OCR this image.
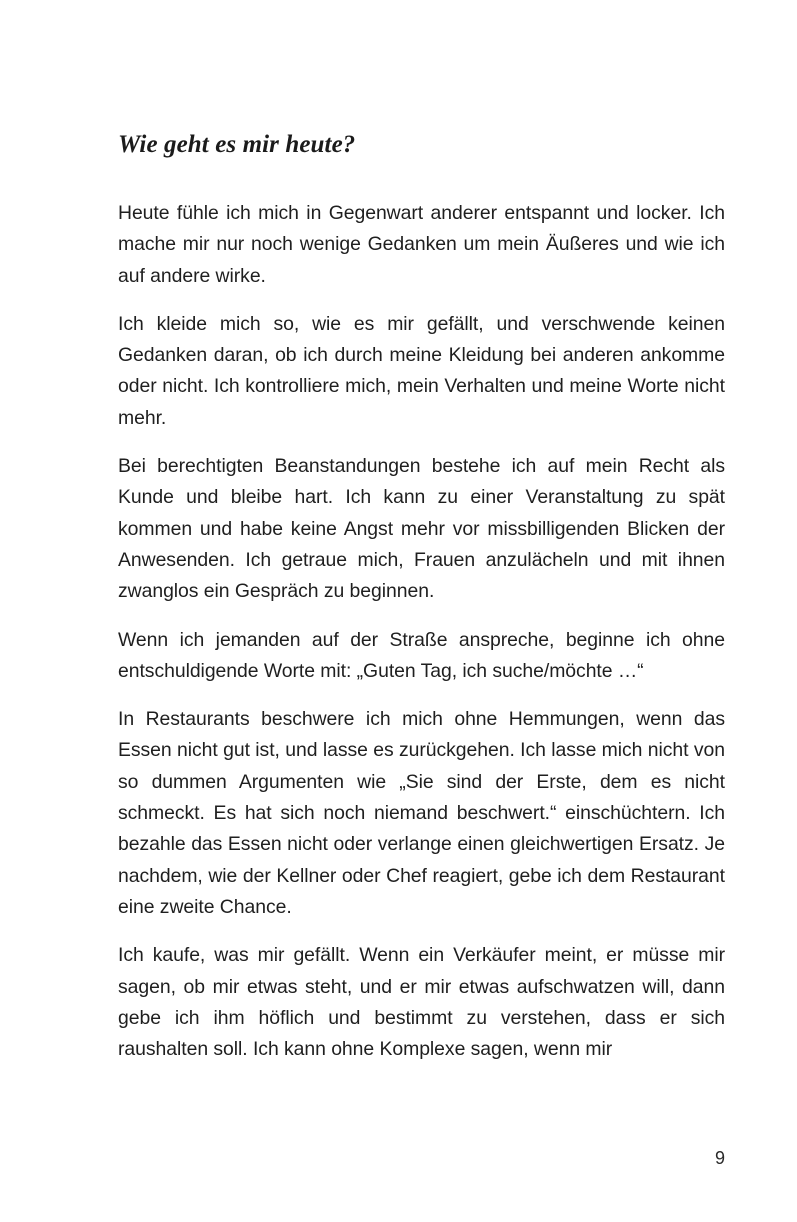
Wie geht es mir heute?

Heute fühle ich mich in Gegenwart anderer entspannt und locker. Ich mache mir nur noch wenige Gedanken um mein Äußeres und wie ich auf andere wirke.

Ich kleide mich so, wie es mir gefällt, und verschwende keinen Gedanken daran, ob ich durch meine Kleidung bei anderen ankomme oder nicht. Ich kontrolliere mich, mein Verhalten und meine Worte nicht mehr.

Bei berechtigten Beanstandungen bestehe ich auf mein Recht als Kunde und bleibe hart. Ich kann zu einer Veranstaltung zu spät kommen und habe keine Angst mehr vor missbilligenden Blicken der Anwesenden. Ich getraue mich, Frauen anzulächeln und mit ihnen zwanglos ein Gespräch zu beginnen.

Wenn ich jemanden auf der Straße anspreche, beginne ich ohne entschuldigende Worte mit: „Guten Tag, ich suche/möchte …“

In Restaurants beschwere ich mich ohne Hemmungen, wenn das Essen nicht gut ist, und lasse es zurückgehen. Ich lasse mich nicht von so dummen Argumenten wie „Sie sind der Erste, dem es nicht schmeckt. Es hat sich noch niemand beschwert.“ einschüchtern. Ich bezahle das Essen nicht oder verlange einen gleichwertigen Ersatz. Je nachdem, wie der Kellner oder Chef reagiert, gebe ich dem Restaurant eine zweite Chance.

Ich kaufe, was mir gefällt. Wenn ein Verkäufer meint, er müsse mir sagen, ob mir etwas steht, und er mir etwas aufschwatzen will, dann gebe ich ihm höflich und bestimmt zu verstehen, dass er sich raushalten soll. Ich kann ohne Komplexe sagen, wenn mir

9
